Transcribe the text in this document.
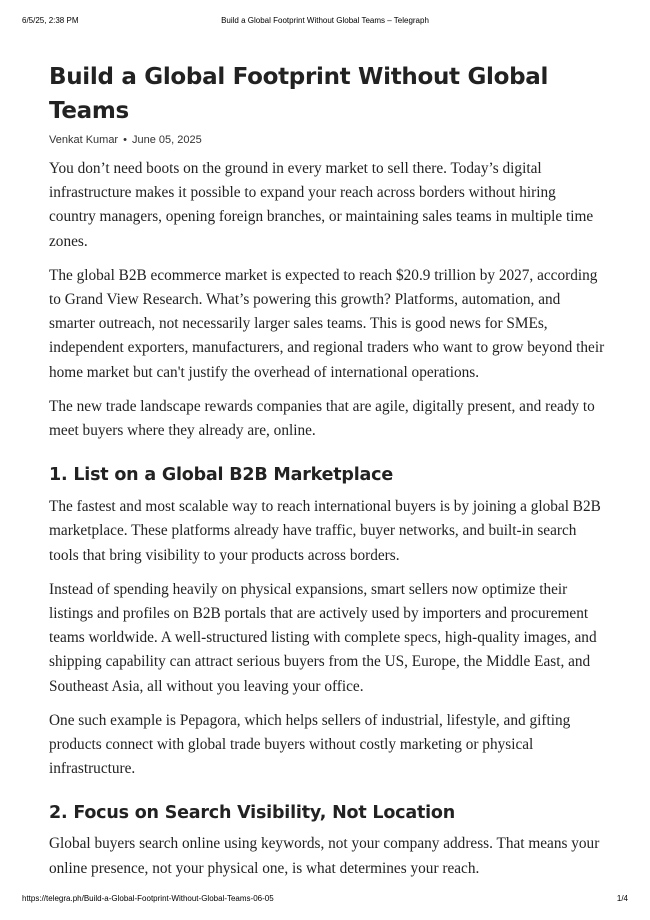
6/5/25, 2:38 PM	Build a Global Footprint Without Global Teams – Telegraph
Build a Global Footprint Without Global Teams
Venkat Kumar • June 05, 2025

You don’t need boots on the ground in every market to sell there. Today’s digital infrastructure makes it possible to expand your reach across borders without hiring country managers, opening foreign branches, or maintaining sales teams in multiple time zones.

The global B2B ecommerce market is expected to reach $20.9 trillion by 2027, according to Grand View Research. What’s powering this growth? Platforms, automation, and smarter outreach, not necessarily larger sales teams. This is good news for SMEs, independent exporters, manufacturers, and regional traders who want to grow beyond their home market but can't justify the overhead of international operations.

The new trade landscape rewards companies that are agile, digitally present, and ready to meet buyers where they already are, online.

1. List on a Global B2B Marketplace

The fastest and most scalable way to reach international buyers is by joining a global B2B marketplace. These platforms already have traffic, buyer networks, and built-in search tools that bring visibility to your products across borders.

Instead of spending heavily on physical expansions, smart sellers now optimize their listings and profiles on B2B portals that are actively used by importers and procurement teams worldwide. A well-structured listing with complete specs, high-quality images, and shipping capability can attract serious buyers from the US, Europe, the Middle East, and Southeast Asia, all without you leaving your office.

One such example is Pepagora, which helps sellers of industrial, lifestyle, and gifting products connect with global trade buyers without costly marketing or physical infrastructure.

2. Focus on Search Visibility, Not Location

Global buyers search online using keywords, not your company address. That means your online presence, not your physical one, is what determines your reach.

https://telegra.ph/Build-a-Global-Footprint-Without-Global-Teams-06-05	1/4
